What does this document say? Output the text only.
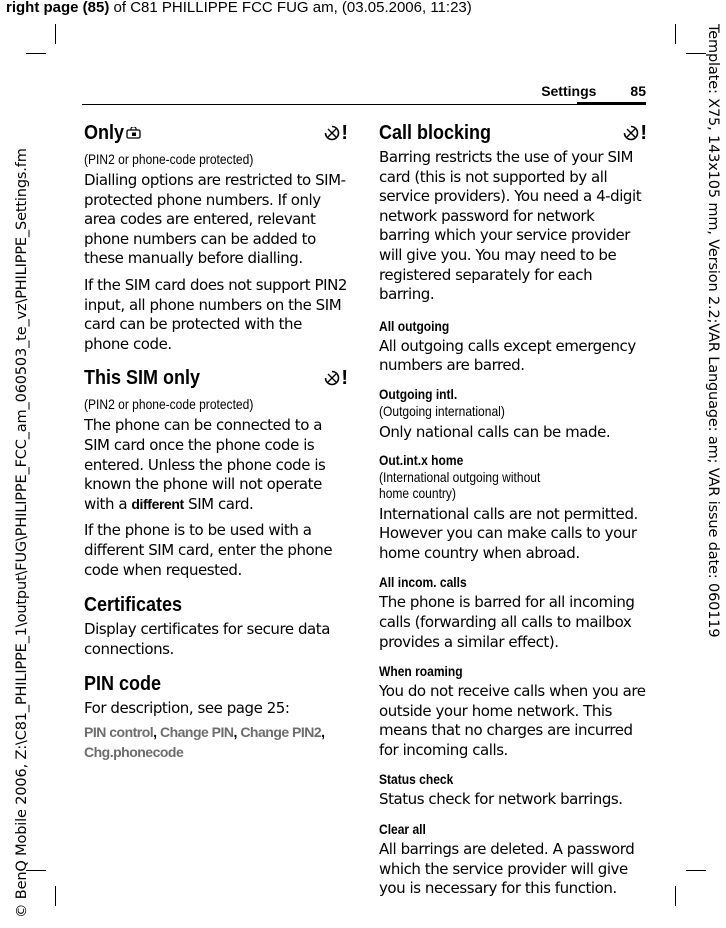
right page (85) of C81 PHILLIPPE FCC FUG am, (03.05.2006, 11:23)
© BenQ Mobile 2006, Z:\C81_PHILIPPE_1\output\FUG\PHILIPPE_FCC_am_060503_te_vz\PHILIPPE_Settings.fm	Template: X75, 143x105 mm, Version 2.2;VAR Language: am; VAR issue date: 060119
Settings 85
Only	!
(PIN2 or phone-code protected)

Dialling options are restricted to SIM-protected phone numbers. If only area codes are entered, relevant phone numbers can be added to these manually before dialling.

If the SIM card does not support PIN2 input, all phone numbers on the SIM card can be protected with the phone code.

This SIM only	!
(PIN2 or phone-code protected)

The phone can be connected to a SIM card once the phone code is entered. Unless the phone code is known the phone will not operate with a different SIM card.

If the phone is to be used with a different SIM card, enter the phone code when requested.

Certificates

Display certificates for secure data connections.

PIN code

For description, see page 25:

PIN control, Change PIN, Change PIN2,
Chg.phonecode
Call blocking	!

Barring restricts the use of your SIM card (this is not supported by all service providers). You need a 4-digit network password for network barring which your service provider will give you. You may need to be registered separately for each barring.

All outgoing

All outgoing calls except emergency numbers are barred.

Outgoing intl.
(Outgoing international)

Only national calls can be made.

Out.int.x home
(International outgoing without
home country)

International calls are not permitted. However you can make calls to your home country when abroad.

All incom. calls

The phone is barred for all incoming calls (forwarding all calls to mailbox provides a similar effect).

When roaming

You do not receive calls when you are outside your home network. This means that no charges are incurred for incoming calls.

Status check

Status check for network barrings.

Clear all

All barrings are deleted. A password which the service provider will give you is necessary for this function.
